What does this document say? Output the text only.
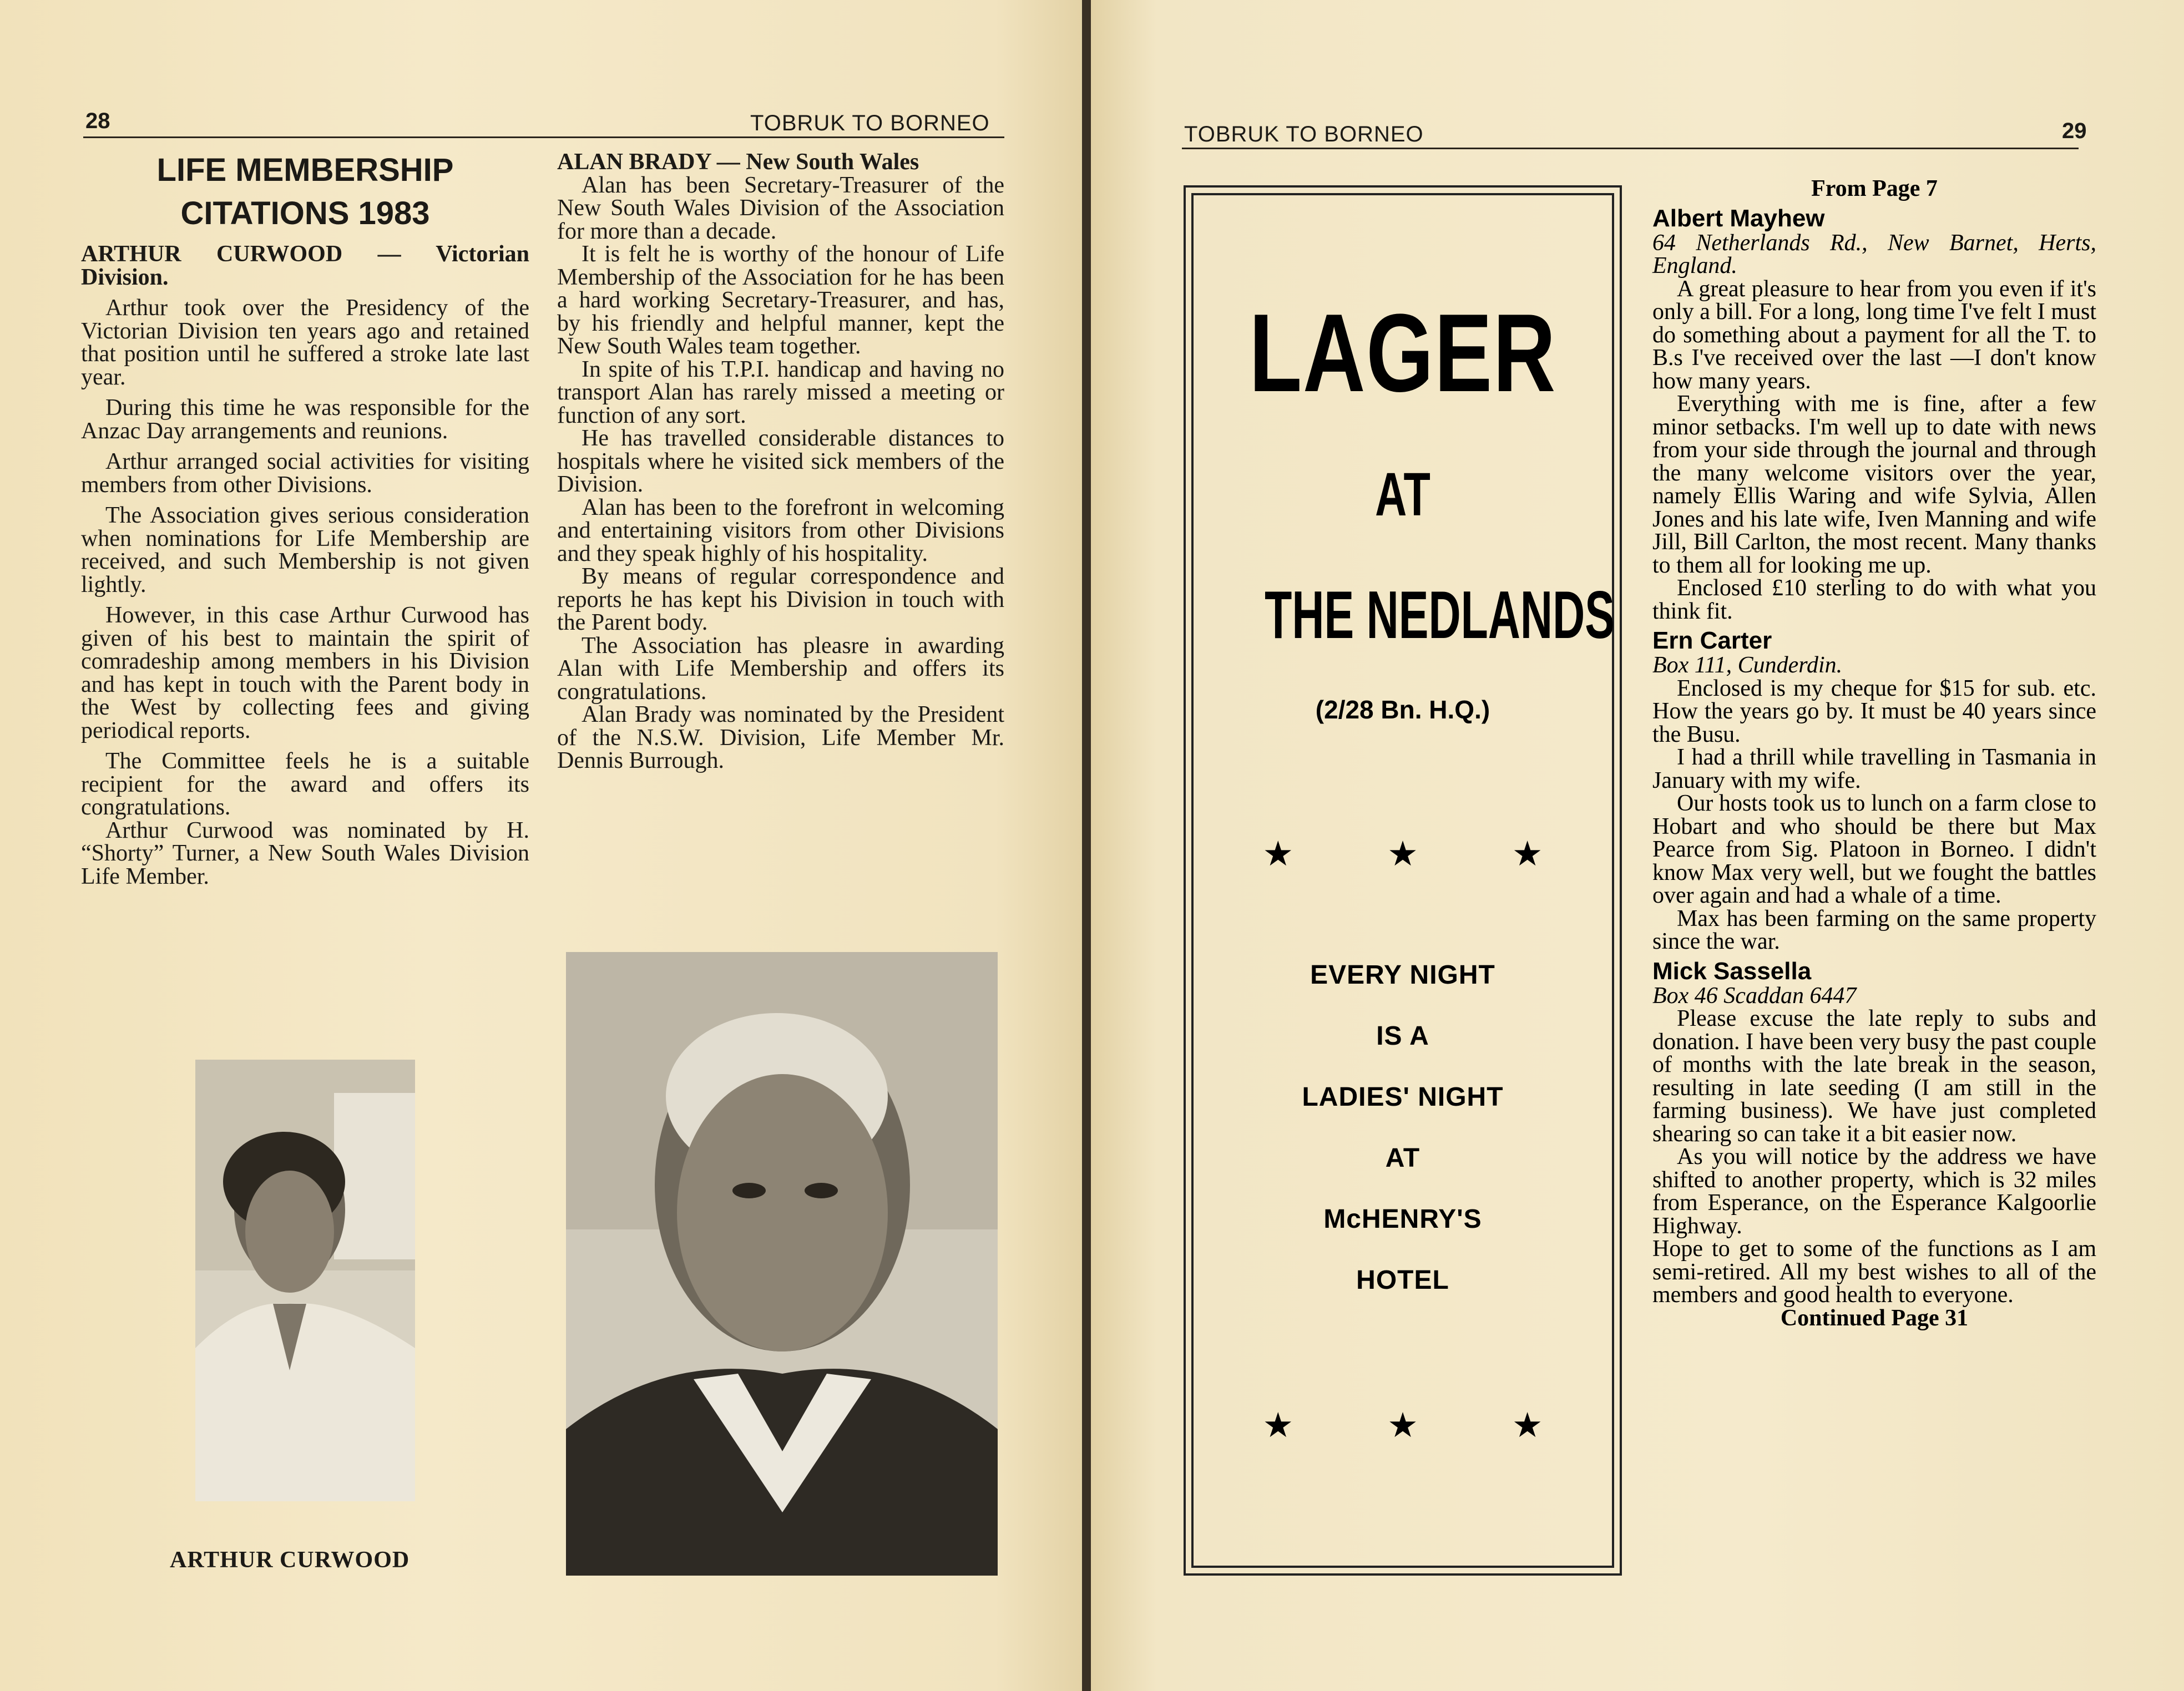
28	TOBRUK TO BORNEO
LIFE MEMBERSHIP
CITATIONS 1983
ARTHUR CURWOOD — Victorian Division.

Arthur took over the Presidency of the Victorian Division ten years ago and retained that position until he suffered a stroke late last year.

During this time he was responsible for the Anzac Day arrangements and reunions.

Arthur arranged social activities for visiting members from other Divisions.

The Association gives serious consideration when nominations for Life Membership are received, and such Membership is not given lightly.

However, in this case Arthur Curwood has given of his best to maintain the spirit of comradeship among members in his Division and has kept in touch with the Parent body in the West by collecting fees and giving periodical reports.

The Committee feels he is a suitable recipient for the award and offers its congratulations.

Arthur Curwood was nominated by H. “Shorty” Turner, a New South Wales Division Life Member.

ALAN BRADY — New South Wales

Alan has been Secretary-Treasurer of the New South Wales Division of the Association for more than a decade.

It is felt he is worthy of the honour of Life Membership of the Association for he has been a hard working Secretary-Treasurer, and has, by his friendly and helpful manner, kept the New South Wales team together.

In spite of his T.P.I. handicap and having no transport Alan has rarely missed a meeting or function of any sort.

He has travelled considerable distances to hospitals where he visited sick members of the Division.

Alan has been to the forefront in welcoming and entertaining visitors from other Divisions and they speak highly of his hospitality.

By means of regular correspondence and reports he has kept his Division in touch with the Parent body.

The Association has pleasre in awarding Alan with Life Membership and offers its congratulations.

Alan Brady was nominated by the President of the N.S.W. Division, Life Member Mr. Dennis Burrough.

ARTHUR CURWOOD
TOBRUK TO BORNEO	29
LAGER
AT
THE NEDLANDS
(2/28 Bn. H.Q.)
★	★	★
EVERY NIGHT
IS A
LADIES' NIGHT
AT
McHENRY'S
HOTEL
★	★	★

From Page 7

Albert Mayhew
64 Netherlands Rd., New Barnet, Herts, England.

A great pleasure to hear from you even if it's only a bill. For a long, long time I've felt I must do something about a payment for all the T. to B.s I've received over the last —I don't know how many years.

Everything with me is fine, after a few minor setbacks. I'm well up to date with news from your side through the journal and through the many welcome visitors over the year, namely Ellis Waring and wife Sylvia, Allen Jones and his late wife, Iven Manning and wife Jill, Bill Carlton, the most recent. Many thanks to them all for looking me up.

Enclosed £10 sterling to do with what you think fit.

Ern Carter
Box 111, Cunderdin.

Enclosed is my cheque for $15 for sub. etc. How the years go by. It must be 40 years since the Busu.

I had a thrill while travelling in Tasmania in January with my wife.

Our hosts took us to lunch on a farm close to Hobart and who should be there but Max Pearce from Sig. Platoon in Borneo. I didn't know Max very well, but we fought the battles over again and had a whale of a time.

Max has been farming on the same property since the war.

Mick Sassella
Box 46 Scaddan 6447

Please excuse the late reply to subs and donation. I have been very busy the past couple of months with the late break in the season, resulting in late seeding (I am still in the farming business). We have just completed shearing so can take it a bit easier now.

As you will notice by the address we have shifted to another property, which is 32 miles from Esperance, on the Esperance Kalgoorlie Highway.

Hope to get to some of the functions as I am semi-retired. All my best wishes to all of the members and good health to everyone.

Continued Page 31
